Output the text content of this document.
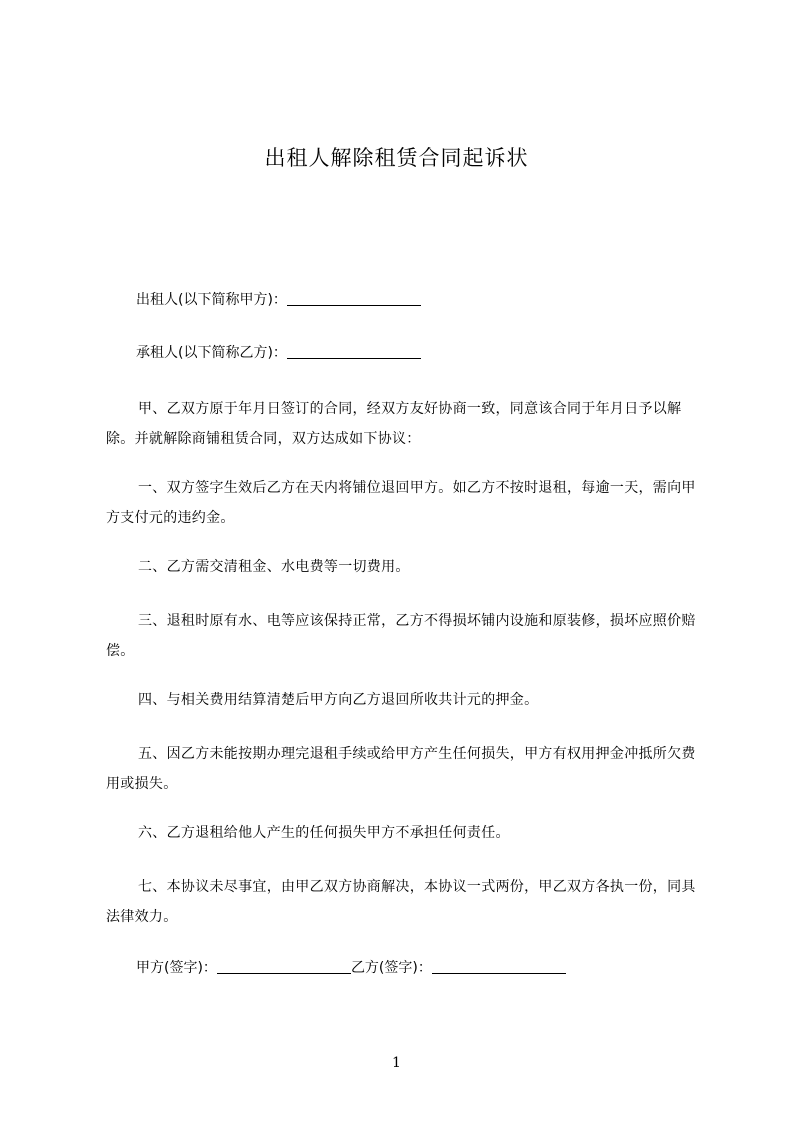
出租人解除租赁合同起诉状
出租人(以下简称甲方)：
承租人(以下简称乙方)：

甲、乙双方原于年月日签订的合同，经双方友好协商一致，同意该合同于年月日予以解除。并就解除商铺租赁合同，双方达成如下协议：

一、双方签字生效后乙方在天内将铺位退回甲方。如乙方不按时退租，每逾一天，需向甲方支付元的违约金。

二、乙方需交清租金、水电费等一切费用。

三、退租时原有水、电等应该保持正常，乙方不得损坏铺内设施和原装修，损坏应照价赔偿。

四、与相关费用结算清楚后甲方向乙方退回所收共计元的押金。

五、因乙方未能按期办理完退租手续或给甲方产生任何损失，甲方有权用押金冲抵所欠费用或损失。

六、乙方退租给他人产生的任何损失甲方不承担任何责任。

七、本协议未尽事宜，由甲乙双方协商解决，本协议一式两份，甲乙双方各执一份，同具法律效力。

甲方(签字)：	乙方(签字)：
1
